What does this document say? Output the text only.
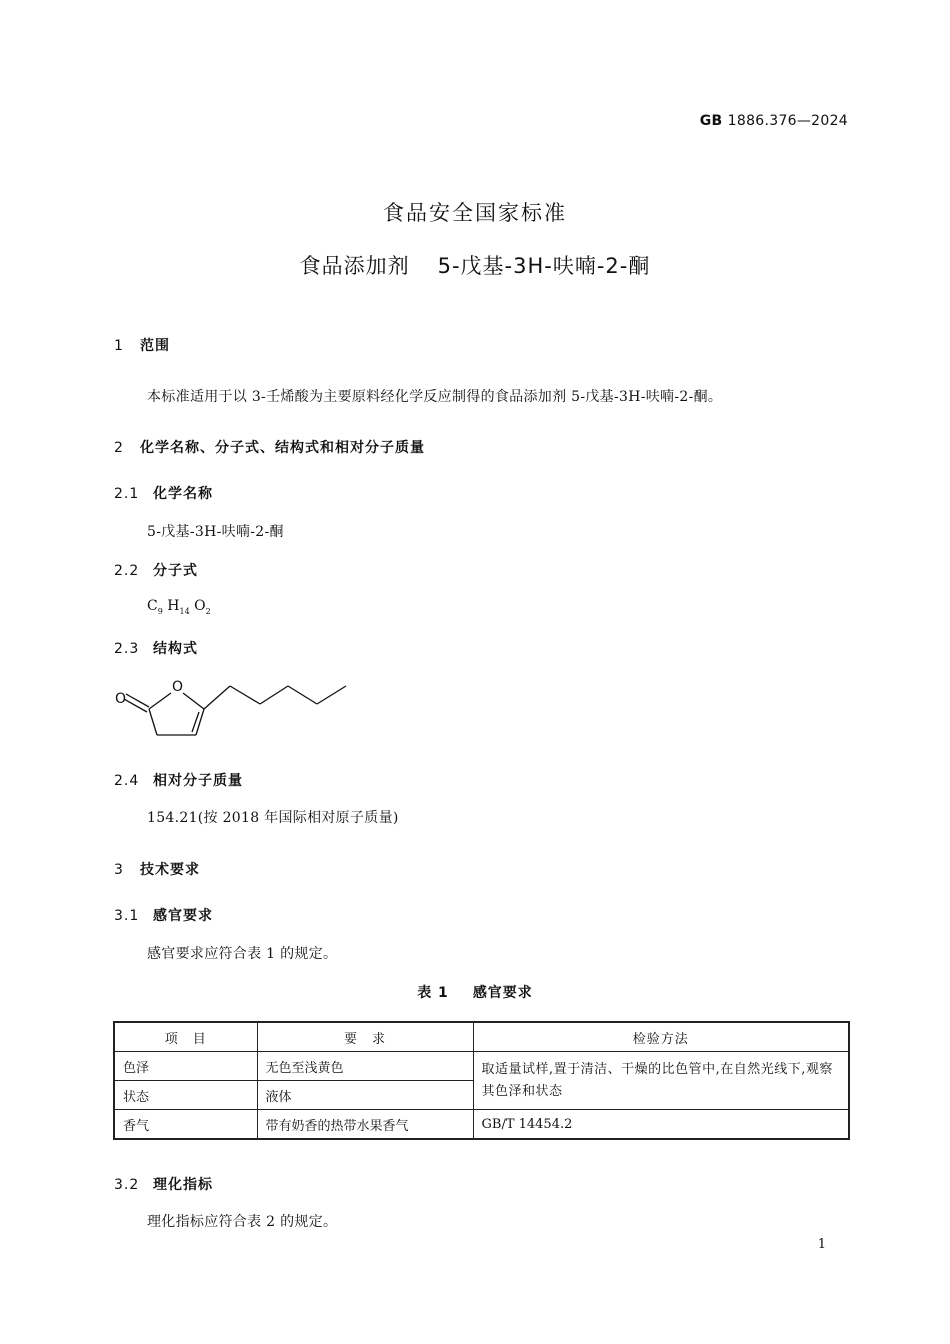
GB 1886.376—2024
食品安全国家标准
食品添加剂 5-戊基-3H-呋喃-2-酮
1 范围
本标准适用于以 3-壬烯酸为主要原料经化学反应制得的食品添加剂 5-戊基-3H-呋喃-2-酮。
2 化学名称、分子式、结构式和相对分子质量
2.1 化学名称
5-戊基-3H-呋喃-2-酮
2.2 分子式
$C_9$ $H_{14}$ $O_2$
2.3 结构式
O
O
2.4 相对分子质量
154.21(按 2018 年国际相对原子质量)
3 技术要求
3.1 感官要求
感官要求应符合表 1 的规定。
表 1 感官要求
项　目	要　求	检验方法
色泽	无色至浅黄色	取适量试样,置于清洁、干燥的比色管中,在自然光线下,观察其色泽和状态
状态	液体	
香气	带有奶香的热带水果香气	GB/T 14454.2
3.2 理化指标
理化指标应符合表 2 的规定。
1
